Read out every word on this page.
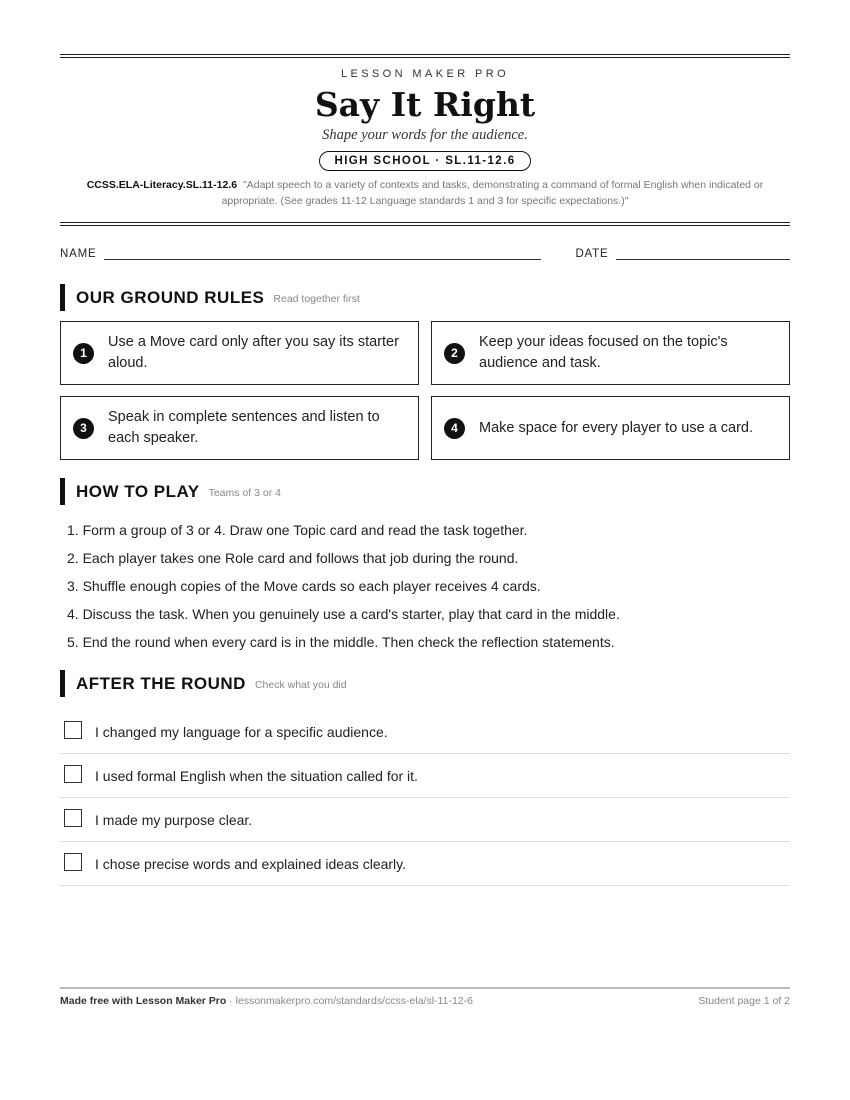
LESSON MAKER PRO
Say It Right
Shape your words for the audience.
HIGH SCHOOL · SL.11-12.6
CCSS.ELA-Literacy.SL.11-12.6 "Adapt speech to a variety of contexts and tasks, demonstrating a command of formal English when indicated or appropriate. (See grades 11-12 Language standards 1 and 3 for specific expectations.)"
NAME	DATE
OUR GROUND RULES Read together first
1
Use a Move card only after you say its starter aloud.
2
Keep your ideas focused on the topic's audience and task.
3
Speak in complete sentences and listen to each speaker.
4	Make space for every player to use a card.
HOW TO PLAY Teams of 3 or 4
1. Form a group of 3 or 4. Draw one Topic card and read the task together.
2. Each player takes one Role card and follows that job during the round.
3. Shuffle enough copies of the Move cards so each player receives 4 cards.
4. Discuss the task. When you genuinely use a card's starter, play that card in the middle.
5. End the round when every card is in the middle. Then check the reflection statements.
AFTER THE ROUND Check what you did
I changed my language for a specific audience.
I used formal English when the situation called for it.
I made my purpose clear.
I chose precise words and explained ideas clearly.
Made free with Lesson Maker Pro · lessonmakerpro.com/standards/ccss-ela/sl-11-12-6	Student page 1 of 2
